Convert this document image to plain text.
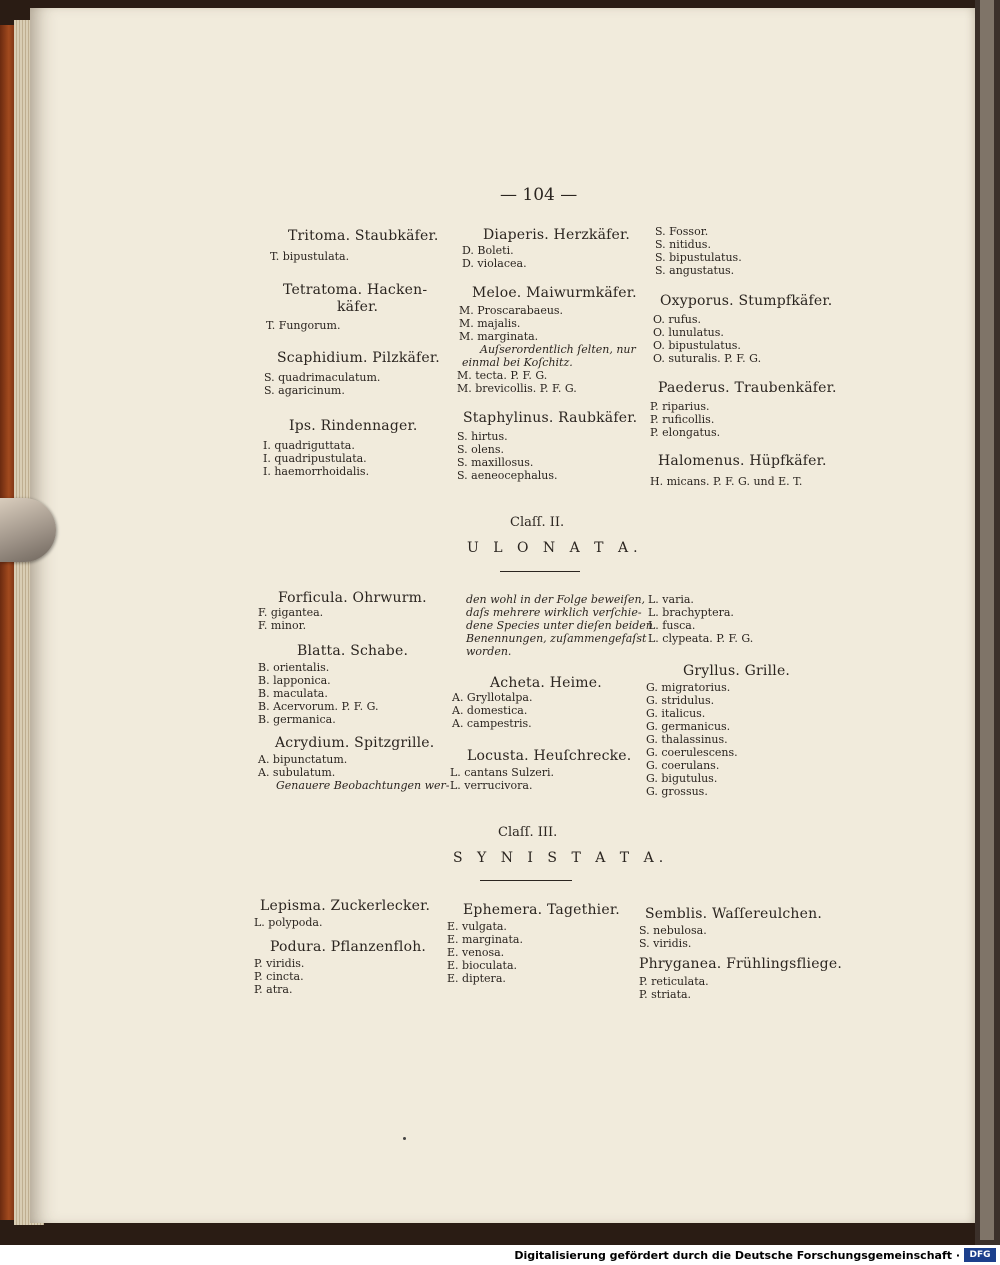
— 104 —
Claſſ. II.
U L O N A T A.
Claſſ. III.
S Y N I S T A T A.
Tritoma. Staubkäfer.
T. bipustulata.
Tetratoma. Hacken-
käfer.
T. Fungorum.
Scaphidium. Pilzkäfer.
S. quadrimaculatum.
S. agaricinum.
Ips. Rindennager.
I. quadriguttata.
I. quadripustulata.
I. haemorrhoidalis.
Diaperis. Herzkäfer.
D. Boleti.
D. violacea.
Meloe. Maiwurmkäfer.
M. Proscarabaeus.
M. majalis.
M. marginata.
Auſserordentlich ſelten, nur
einmal bei Koſchitz.
M. tecta. P. F. G.
M. brevicollis. P. F. G.
Staphylinus. Raubkäfer.
S. hirtus.
S. olens.
S. maxillosus.
S. aeneocephalus.
S. Fossor.
S. nitidus.
S. bipustulatus.
S. angustatus.
Oxyporus. Stumpfkäfer.
O. rufus.
O. lunulatus.
O. bipustulatus.
O. suturalis. P. F. G.
Paederus. Traubenkäfer.
P. riparius.
P. ruficollis.
P. elongatus.
Halomenus. Hüpfkäfer.
H. micans. P. F. G. und E. T.
Forficula. Ohrwurm.
F. gigantea.
F. minor.
Blatta. Schabe.
B. orientalis.
B. lapponica.
B. maculata.
B. Acervorum. P. F. G.
B. germanica.
Acrydium. Spitzgrille.
A. bipunctatum.
A. subulatum.
Genauere Beobachtungen wer-
den wohl in der Folge beweiſen,
daſs mehrere wirklich verſchie-
dene Species unter dieſen beiden
Benennungen, zuſammengefaſst
worden.
Acheta. Heime.
A. Gryllotalpa.
A. domestica.
A. campestris.
Locusta. Heuſchrecke.
L. cantans Sulzeri.
L. verrucivora.
L. varia.
L. brachyptera.
L. fusca.
L. clypeata. P. F. G.
Gryllus. Grille.
G. migratorius.
G. stridulus.
G. italicus.
G. germanicus.
G. thalassinus.
G. coerulescens.
G. coerulans.
G. bigutulus.
G. grossus.
Lepisma. Zuckerlecker.
L. polypoda.
Podura. Pflanzenfloh.
P. viridis.
P. cincta.
P. atra.
Ephemera. Tagethier.
E. vulgata.
E. marginata.
E. venosa.
E. bioculata.
E. diptera.
Semblis. Waſſereulchen.
S. nebulosa.
S. viridis.
Phryganea. Frühlingsfliege.
P. reticulata.
P. striata.
Digitalisierung gefördert durch die Deutsche Forschungsgemeinschaft ·	DFG
